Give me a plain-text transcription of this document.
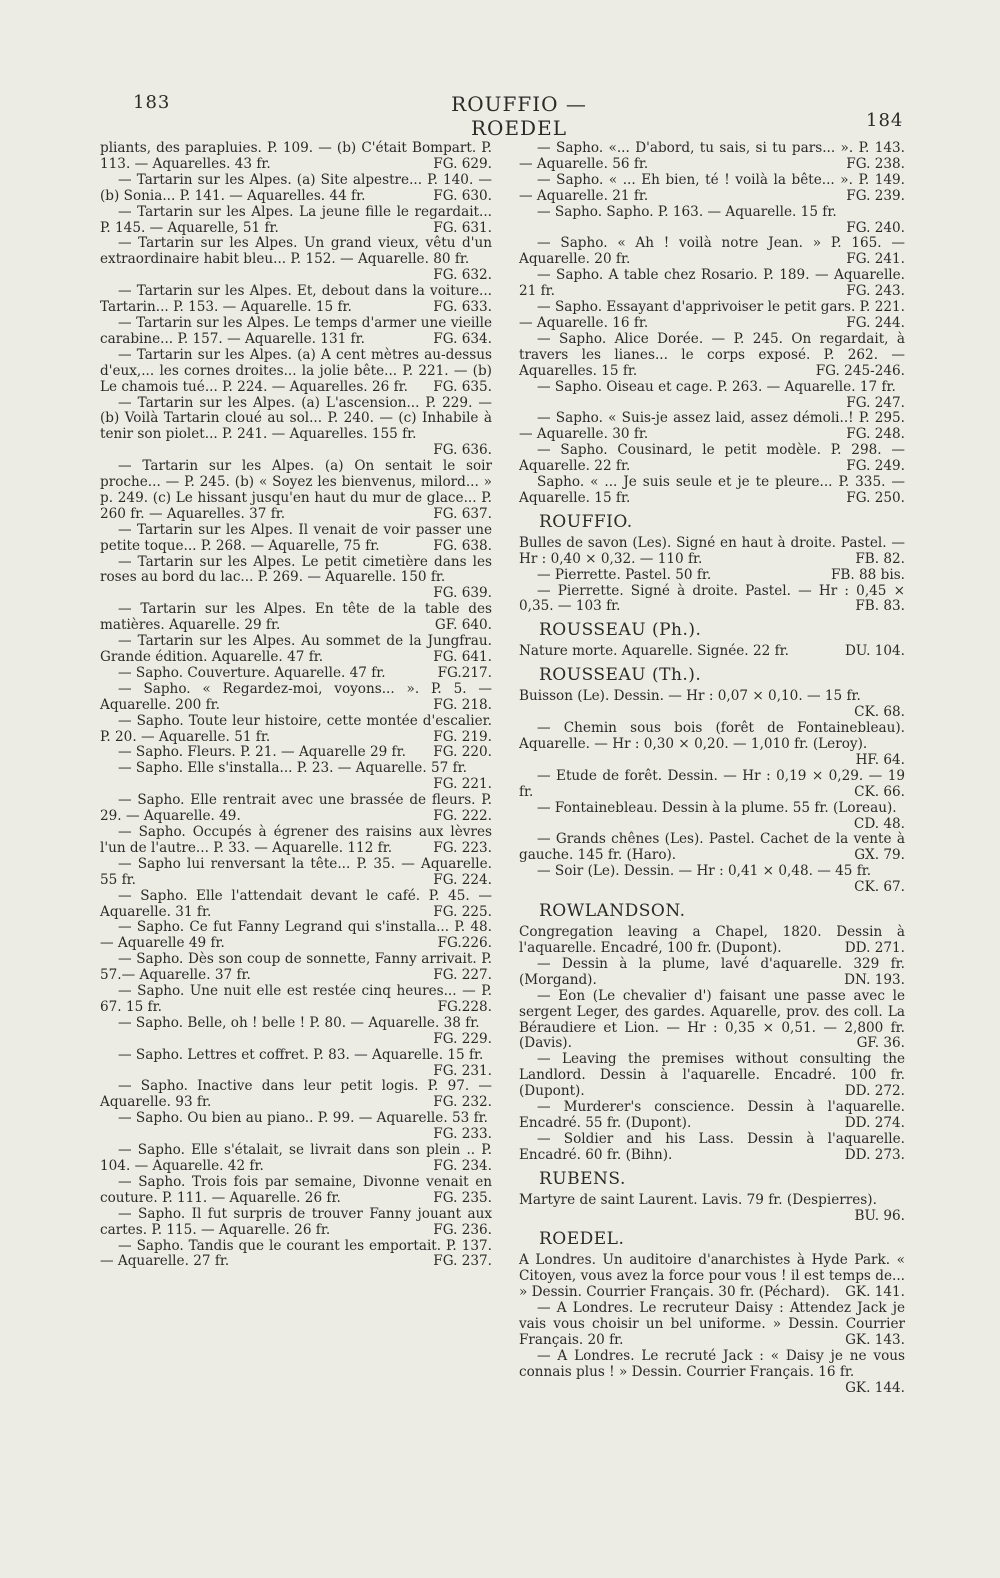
183	ROUFFIO — ROEDEL	184

pliants, des parapluies. P. 109. — (b) C'était Bompart. P. 113. — Aquarelles. 43 fr.	FG. 629.

— Tartarin sur les Alpes. (a) Site alpestre... P. 140. — (b) Sonia... P. 141. — Aquarelles. 44 fr.	FG. 630.

— Tartarin sur les Alpes. La jeune fille le regardait... P. 145. — Aquarelle, 51 fr.	FG. 631.

— Tartarin sur les Alpes. Un grand vieux, vêtu d'un extraordinaire habit bleu... P. 152. — Aquarelle. 80 fr.
FG. 632.

— Tartarin sur les Alpes. Et, debout dans la voiture... Tartarin... P. 153. — Aquarelle. 15 fr.	FG. 633.

— Tartarin sur les Alpes. Le temps d'armer une vieille carabine... P. 157. — Aquarelle. 131 fr.	FG. 634.

— Tartarin sur les Alpes. (a) A cent mètres au-dessus d'eux,... les cornes droites... la jolie bête... P. 221. — (b) Le chamois tué... P. 224. — Aquarelles. 26 fr.	FG. 635.

— Tartarin sur les Alpes. (a) L'ascension... P. 229. — (b) Voilà Tartarin cloué au sol... P. 240. — (c) Inhabile à tenir son piolet... P. 241. — Aquarelles. 155 fr.
FG. 636.

— Tartarin sur les Alpes. (a) On sentait le soir proche... — P. 245. (b) « Soyez les bienvenus, milord... » p. 249. (c) Le hissant jusqu'en haut du mur de glace... P. 260 fr. — Aquarelles. 37 fr.	FG. 637.

— Tartarin sur les Alpes. Il venait de voir passer une petite toque... P. 268. — Aquarelle, 75 fr.	FG. 638.

— Tartarin sur les Alpes. Le petit cimetière dans les roses au bord du lac... P. 269. — Aquarelle. 150 fr.
FG. 639.

— Tartarin sur les Alpes. En tête de la table des matières. Aquarelle. 29 fr.	GF. 640.

— Tartarin sur les Alpes. Au sommet de la Jungfrau. Grande édition. Aquarelle. 47 fr.	FG. 641.

— Sapho. Couverture. Aquarelle. 47 fr.	FG.217.

— Sapho. « Regardez-moi, voyons... ». P. 5. — Aquarelle. 200 fr.	FG. 218.

— Sapho. Toute leur histoire, cette montée d'escalier. P. 20. — Aquarelle. 51 fr.	FG. 219.

— Sapho. Fleurs. P. 21. — Aquarelle 29 fr.	FG. 220.

— Sapho. Elle s'installa... P. 23. — Aquarelle. 57 fr.
FG. 221.

— Sapho. Elle rentrait avec une brassée de fleurs. P. 29. — Aquarelle. 49.	FG. 222.

— Sapho. Occupés à égrener des raisins aux lèvres l'un de l'autre... P. 33. — Aquarelle. 112 fr.	FG. 223.

— Sapho lui renversant la tête... P. 35. — Aquarelle. 55 fr.	FG. 224.

— Sapho. Elle l'attendait devant le café. P. 45. — Aquarelle. 31 fr.	FG. 225.

— Sapho. Ce fut Fanny Legrand qui s'installa... P. 48. — Aquarelle 49 fr.	FG.226.

— Sapho. Dès son coup de sonnette, Fanny arrivait. P. 57.— Aquarelle. 37 fr.	FG. 227.

— Sapho. Une nuit elle est restée cinq heures... — P. 67. 15 fr.	FG.228.

— Sapho. Belle, oh ! belle ! P. 80. — Aquarelle. 38 fr.
FG. 229.

— Sapho. Lettres et coffret. P. 83. — Aquarelle. 15 fr.
FG. 231.

— Sapho. Inactive dans leur petit logis. P. 97. — Aquarelle. 93 fr.	FG. 232.

— Sapho. Ou bien au piano.. P. 99. — Aquarelle. 53 fr.
FG. 233.

— Sapho. Elle s'étalait, se livrait dans son plein .. P. 104. — Aquarelle. 42 fr.	FG. 234.

— Sapho. Trois fois par semaine, Divonne venait en couture. P. 111. — Aquarelle. 26 fr.	FG. 235.

— Sapho. Il fut surpris de trouver Fanny jouant aux cartes. P. 115. — Aquarelle. 26 fr.	FG. 236.

— Sapho. Tandis que le courant les emportait. P. 137. — Aquarelle. 27 fr.	FG. 237.

— Sapho. «... D'abord, tu sais, si tu pars... ». P. 143. — Aquarelle. 56 fr.	FG. 238.

— Sapho. « ... Eh bien, té ! voilà la bête... ». P. 149. — Aquarelle. 21 fr.	FG. 239.

— Sapho. Sapho. P. 163. — Aquarelle. 15 fr.
FG. 240.

— Sapho. « Ah ! voilà notre Jean. » P. 165. — Aquarelle. 20 fr.	FG. 241.

— Sapho. A table chez Rosario. P. 189. — Aquarelle. 21 fr.	FG. 243.

— Sapho. Essayant d'apprivoiser le petit gars. P. 221. — Aquarelle. 16 fr.	FG. 244.

— Sapho. Alice Dorée. — P. 245. On regardait, à travers les lianes... le corps exposé. P. 262. — Aquarelles. 15 fr.	FG. 245-246.

— Sapho. Oiseau et cage. P. 263. — Aquarelle. 17 fr.
FG. 247.

— Sapho. « Suis-je assez laid, assez démoli..! P. 295. — Aquarelle. 30 fr.	FG. 248.

— Sapho. Cousinard, le petit modèle. P. 298. — Aquarelle. 22 fr.	FG. 249.

Sapho. « ... Je suis seule et je te pleure... P. 335. — Aquarelle. 15 fr.	FG. 250.

ROUFFIO.

Bulles de savon (Les). Signé en haut à droite. Pastel. — Hr : 0,40 × 0,32. — 110 fr.	FB. 82.

— Pierrette. Pastel. 50 fr.	FB. 88 bis.

— Pierrette. Signé à droite. Pastel. — Hr : 0,45 × 0,35. — 103 fr.	FB. 83.

ROUSSEAU (Ph.).

Nature morte. Aquarelle. Signée. 22 fr.	DU. 104.

ROUSSEAU (Th.).

Buisson (Le). Dessin. — Hr : 0,07 × 0,10. — 15 fr.
CK. 68.

— Chemin sous bois (forêt de Fontainebleau). Aquarelle. — Hr : 0,30 × 0,20. — 1,010 fr. (Leroy).
HF. 64.

— Etude de forêt. Dessin. — Hr : 0,19 × 0,29. — 19 fr.	CK. 66.

— Fontainebleau. Dessin à la plume. 55 fr. (Loreau).
CD. 48.

— Grands chênes (Les). Pastel. Cachet de la vente à gauche. 145 fr. (Haro).	GX. 79.

— Soir (Le). Dessin. — Hr : 0,41 × 0,48. — 45 fr.
CK. 67.

ROWLANDSON.

Congregation leaving a Chapel, 1820. Dessin à l'aquarelle. Encadré, 100 fr. (Dupont).	DD. 271.

— Dessin à la plume, lavé d'aquarelle. 329 fr. (Morgand).	DN. 193.

— Eon (Le chevalier d') faisant une passe avec le sergent Leger, des gardes. Aquarelle, prov. des coll. La Béraudiere et Lion. — Hr : 0,35 × 0,51. — 2,800 fr. (Davis).	GF. 36.

— Leaving the premises without consulting the Landlord. Dessin à l'aquarelle. Encadré. 100 fr. (Dupont).	DD. 272.

— Murderer's conscience. Dessin à l'aquarelle. Encadré. 55 fr. (Dupont).	DD. 274.

— Soldier and his Lass. Dessin à l'aquarelle. Encadré. 60 fr. (Bihn).	DD. 273.

RUBENS.

Martyre de saint Laurent. Lavis. 79 fr. (Despierres).
BU. 96.

ROEDEL.

A Londres. Un auditoire d'anarchistes à Hyde Park. « Citoyen, vous avez la force pour vous ! il est temps de... » Dessin. Courrier Français. 30 fr. (Péchard).	GK. 141.

— A Londres. Le recruteur Daisy : Attendez Jack je vais vous choisir un bel uniforme. » Dessin. Courrier Français. 20 fr.	GK. 143.

— A Londres. Le recruté Jack : « Daisy je ne vous connais plus ! » Dessin. Courrier Français. 16 fr.
GK. 144.
